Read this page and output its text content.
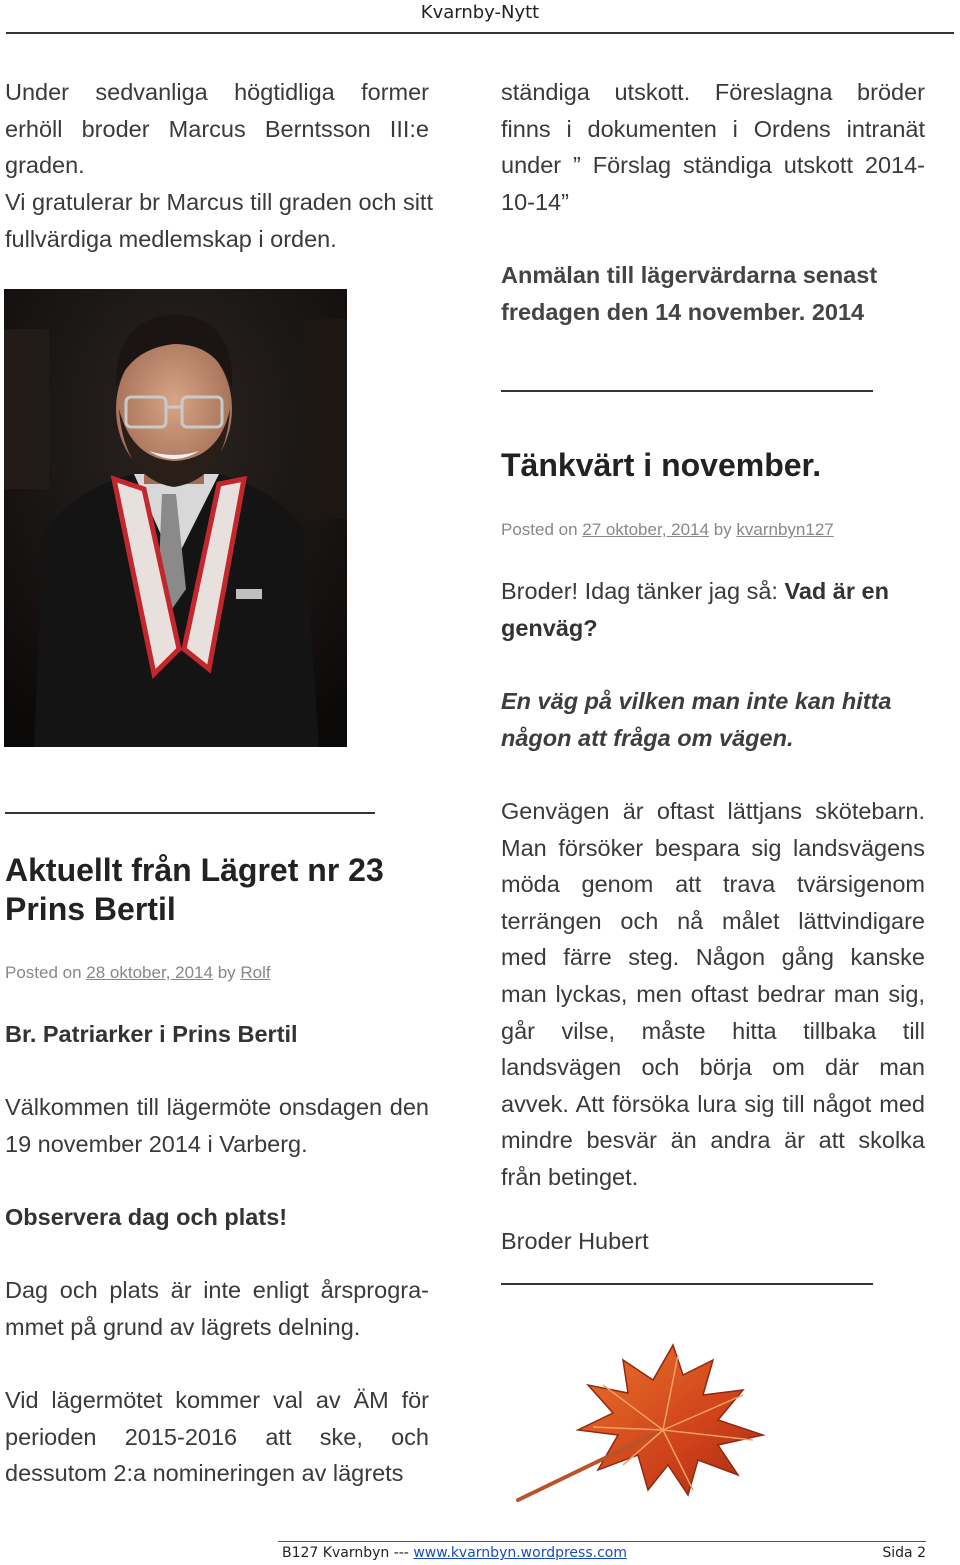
Kvarnby-Nytt
Under sedvanliga högtidliga former erhöll broder Marcus Berntsson III:e graden.
Vi gratulerar br Marcus till graden och sitt fullvärdiga medlemskap i orden.
Aktuellt från Lägret nr 23 Prins Bertil
Posted on 28 oktober, 2014 by Rolf
Br. Patriarker i Prins Bertil
Välkommen till lägermöte onsdagen den 19 november 2014 i Varberg.
Observera dag och plats!
Dag och plats är inte enligt årsprogra-mmet på grund av lägrets delning.
Vid lägermötet kommer val av ÄM för perioden 2015-2016 att ske, och dessutom 2:a nomineringen av lägrets
ständiga utskott. Föreslagna bröder finns i dokumenten i Ordens intranät under ” Förslag ständiga utskott 2014-10-14”
Anmälan till lägervärdarna senast fredagen den 14 november. 2014
Tänkvärt i november.
Posted on 27 oktober, 2014 by kvarnbyn127
Broder! Idag tänker jag så: Vad är en genväg?
En väg på vilken man inte kan hitta någon att fråga om vägen.
Genvägen är oftast lättjans skötebarn. Man försöker bespara sig landsvägens möda genom att trava tvärsigenom terrängen och nå målet lättvindigare med färre steg. Någon gång kanske man lyckas, men oftast bedrar man sig, går vilse, måste hitta tillbaka till landsvägen och börja om där man avvek. Att försöka lura sig till något med mindre besvär än andra är att skolka från betinget.
Broder Hubert
B127 Kvarnbyn --- www.kvarnbyn.wordpress.com	Sida 2
